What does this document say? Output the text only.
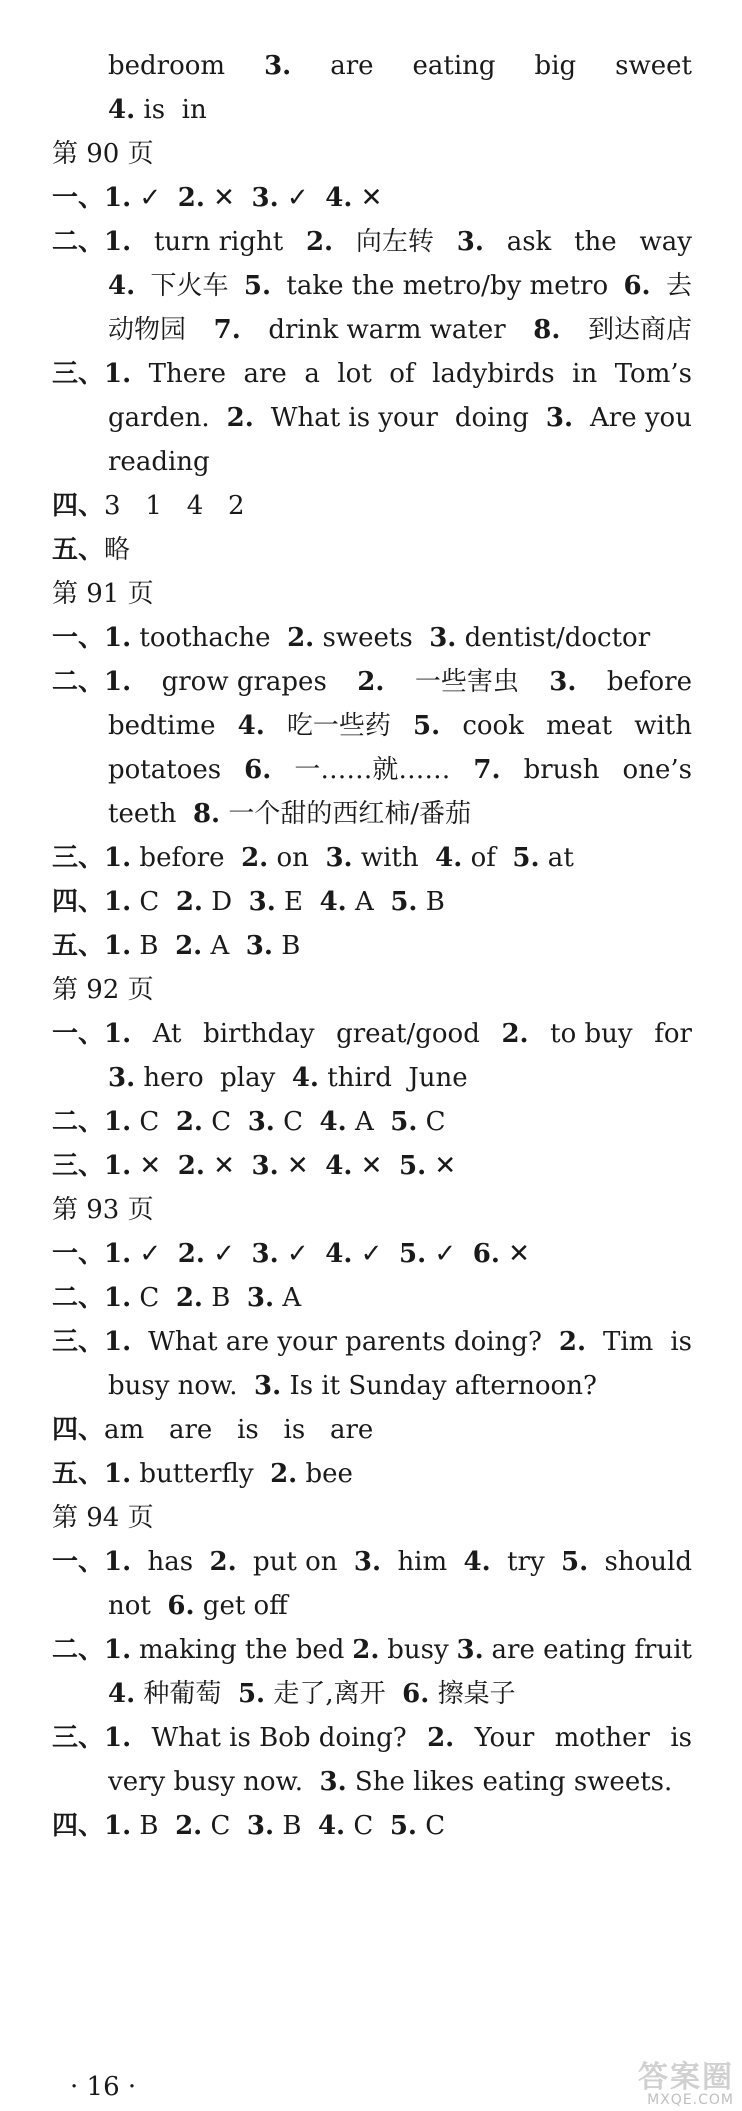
bedroom 3. are eating big sweet
4. is  in
第 90 页
一、1. ✓  2. ✕  3. ✓  4. ✕
二、1. turn right 2. 向左转 3. ask the way
4. 下火车 5. take the metro/by metro 6. 去
动物园 7. drink warm water 8. 到达商店
三、1. There are a lot of ladybirds in Tom’s
garden. 2. What is your doing 3. Are you
reading
四、3   1   4   2
五、略
第 91 页
一、1. toothache  2. sweets  3. dentist/doctor
二、1. grow grapes 2. 一些害虫 3. before
bedtime 4. 吃一些药 5. cook meat with
potatoes 6. 一……就…… 7. brush one’s
teeth  8. 一个甜的西红柿/番茄
三、1. before  2. on  3. with  4. of  5. at
四、1. C  2. D  3. E  4. A  5. B
五、1. B  2. A  3. B
第 92 页
一、1. At birthday great/good 2. to buy for
3. hero  play  4. third  June
二、1. C  2. C  3. C  4. A  5. C
三、1. ✕  2. ✕  3. ✕  4. ✕  5. ✕
第 93 页
一、1. ✓  2. ✓  3. ✓  4. ✓  5. ✓  6. ✕
二、1. C  2. B  3. A
三、1. What are your parents doing? 2. Tim is
busy now.  3. Is it Sunday afternoon?
四、am   are   is   is   are
五、1. butterfly  2. bee
第 94 页
一、1. has 2. put on 3. him 4. try 5. should
not  6. get off
二、1. making the bed 2. busy 3. are eating fruit
4. 种葡萄  5. 走了,离开  6. 擦桌子
三、1. What is Bob doing? 2. Your mother is
very busy now.  3. She likes eating sweets.
四、1. B  2. C  3. B  4. C  5. C
· 16 ·	答案圈
MXQE.COM
